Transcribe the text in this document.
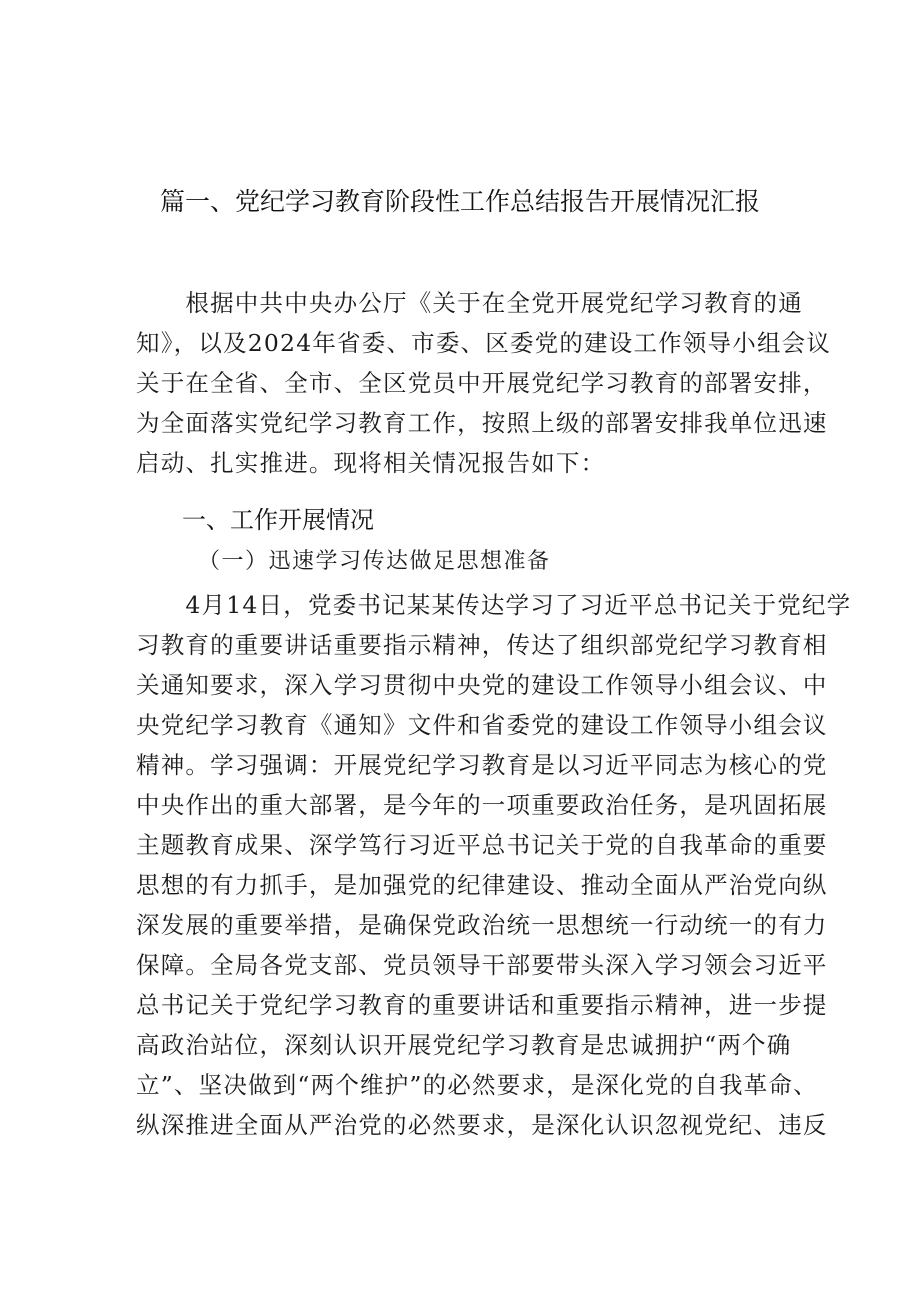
篇一、党纪学习教育阶段性工作总结报告开展情况汇报
　　根据中共中央办公厅《关于在全党开展党纪学习教育的通
知》，以及2024年省委、市委、区委党的建设工作领导小组会议
关于在全省、全市、全区党员中开展党纪学习教育的部署安排，
为全面落实党纪学习教育工作，按照上级的部署安排我单位迅速
启动、扎实推进。现将相关情况报告如下：
一、工作开展情况
（一）迅速学习传达做足思想准备
　　4月14日，党委书记某某传达学习了习近平总书记关于党纪学
习教育的重要讲话重要指示精神，传达了组织部党纪学习教育相
关通知要求，深入学习贯彻中央党的建设工作领导小组会议、中
央党纪学习教育《通知》文件和省委党的建设工作领导小组会议
精神。学习强调：开展党纪学习教育是以习近平同志为核心的党
中央作出的重大部署，是今年的一项重要政治任务，是巩固拓展
主题教育成果、深学笃行习近平总书记关于党的自我革命的重要
思想的有力抓手，是加强党的纪律建设、推动全面从严治党向纵
深发展的重要举措，是确保党政治统一思想统一行动统一的有力
保障。全局各党支部、党员领导干部要带头深入学习领会习近平
总书记关于党纪学习教育的重要讲话和重要指示精神，进一步提
高政治站位，深刻认识开展党纪学习教育是忠诚拥护“两个确
立”、坚决做到“两个维护”的必然要求，是深化党的自我革命、
纵深推进全面从严治党的必然要求，是深化认识忽视党纪、违反
